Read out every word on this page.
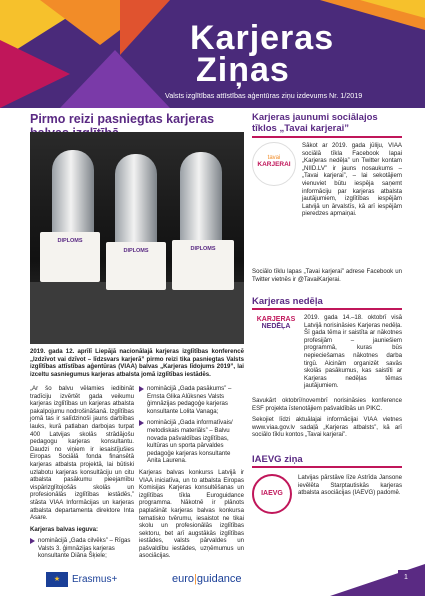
Karjeras
Ziņas
Valsts izglītības attīstības aģentūras ziņu izdevums Nr. 1/2019
Pirmo reizi pasniegtas karjeras
DIPLOMS
DIPLOMS	DIPLOMS

2019. gada 12. aprīlī Liepājā nacionālajā karjeras izglītības konferencē „Izdzīvot vai dzīvot – līdzsvars karjerā” pirmo reizi tika pasniegtas Valsts izglītības attīstības aģentūras (VIAA) balvas „Karjeras līdojums 2019”, lai izceltu sasniegumus karjeras atbalsta jomā izglītības iestādēs.

„Ar šo balvu vēlamies iedibināt tradīciju izvērtēt gada veikumu karjeras izglītības un karjeras atbalsta pakalpojumu nodrošināšanā. Izglītības jomā tas ir salīdzinoši jauns darbības lauks, kurā patlaban darbojas turpat 400 Latvijas skolās strādājošu pedagogu karjeras konsultantu. Daudzi no viņiem ir iesaistījušies Eiropas Sociālā fonda finansētā karjeras atbalsta projektā, lai būtiski uzlabotu karjeras konsultāciju un citu atbalsta pasākumu pieejamību vispārizglītojošās skolās un profesionālās izglītības iestādēs,” stāsta VIAA Informācijas un karjeras atbalsta departamenta direktore Inta Asare.

Karjeras balvas ieguva:

nominācijā „Gada cilvēks” – Rīgas Valsts 3. ģimnāzijas karjeras konsultante Diāna Šķiele;
nominācijā „Gada pasākums” – Ernsta Glika Alūksnes Valsts ģimnāzijas pedagoģe karjeras konsultante Lolita Vanaga;
nominācijā „Gada informatīvais/ metodiskais materiāls” – Balvu novada pašvaldības izglītības, kultūras un sporta pārvaldes pedagoģe karjeras konsultante Anita Laurena.

Karjeras balvas konkurss Latvijā ir VIAA iniciatīva, un to atbalsta Eiropas Komisijas Karjeras konsultēšanas un izglītības tīkla Euroguidance programma. Nākotnē ir plānots paplašināt karjeras balvas konkursa tematisko tvērumu, iesaistot ne tikai skolu un profesionālās izglītības sektoru, bet arī augstākās izglītības iestādes, valsts pārvaldes un pašvaldību iestādes, uzņēmumus un asociācijas.

Karjeras jaunumi sociālajos
tīklos „Tavai karjerai”
tavai
KARJERAI

Sākot ar 2019. gada jūliju, VIAA sociālā tīkla Facebook lapai „Karjeras nedēļa” un Twitter kontam „NIID.LV” ir jauns nosaukums – „Tavai karjerai”, – lai sekotājiem vienuviet būtu iespēja saņemt informāciju par karjeras atbalsta jautājumiem, izglītības iespējām Latvijā un ārvalstīs, kā arī iespējām pieredzes apmaiņai.

Sociālo tīklu lapas „Tavai karjerai” adrese Facebook un Twitter vietnēs ir @TavaiKarjerai.

Karjeras nedēļa
KARJERAS
NEDĒĻA

2019. gada 14.–18. oktobrī visā Latvijā norisināsies Karjeras nedēļa. Šī gada tēma ir saistīta ar nākotnes profesijām – jauniešiem programmā, kuras būs nepieciešamas nākotnes darba tirgū. Aicinām organizēt savās skolās pasākumus, kas saistīti ar Karjeras nedēļas tēmas jautājumiem.

Savukārt oktobrī/novembrī norisināsies konference ESF projekta īstenotājiem pašvaldībās un PIKC.

Sekojiet līdzi aktuālajai informācijai VIAA vietnes www.viaa.gov.lv sadaļā „Karjeras atbalsts”, kā arī sociālo tīklu kontos „Tavai karjerai”.

IAEVG ziņa
IAEVG

Latvijas pārstāve līze Astrīda Jansone ievēlēta Starptautiskās karjeras atbalsta asociācijas (IAEVG) padomē.

★	Erasmus+	euro|guidance	1
